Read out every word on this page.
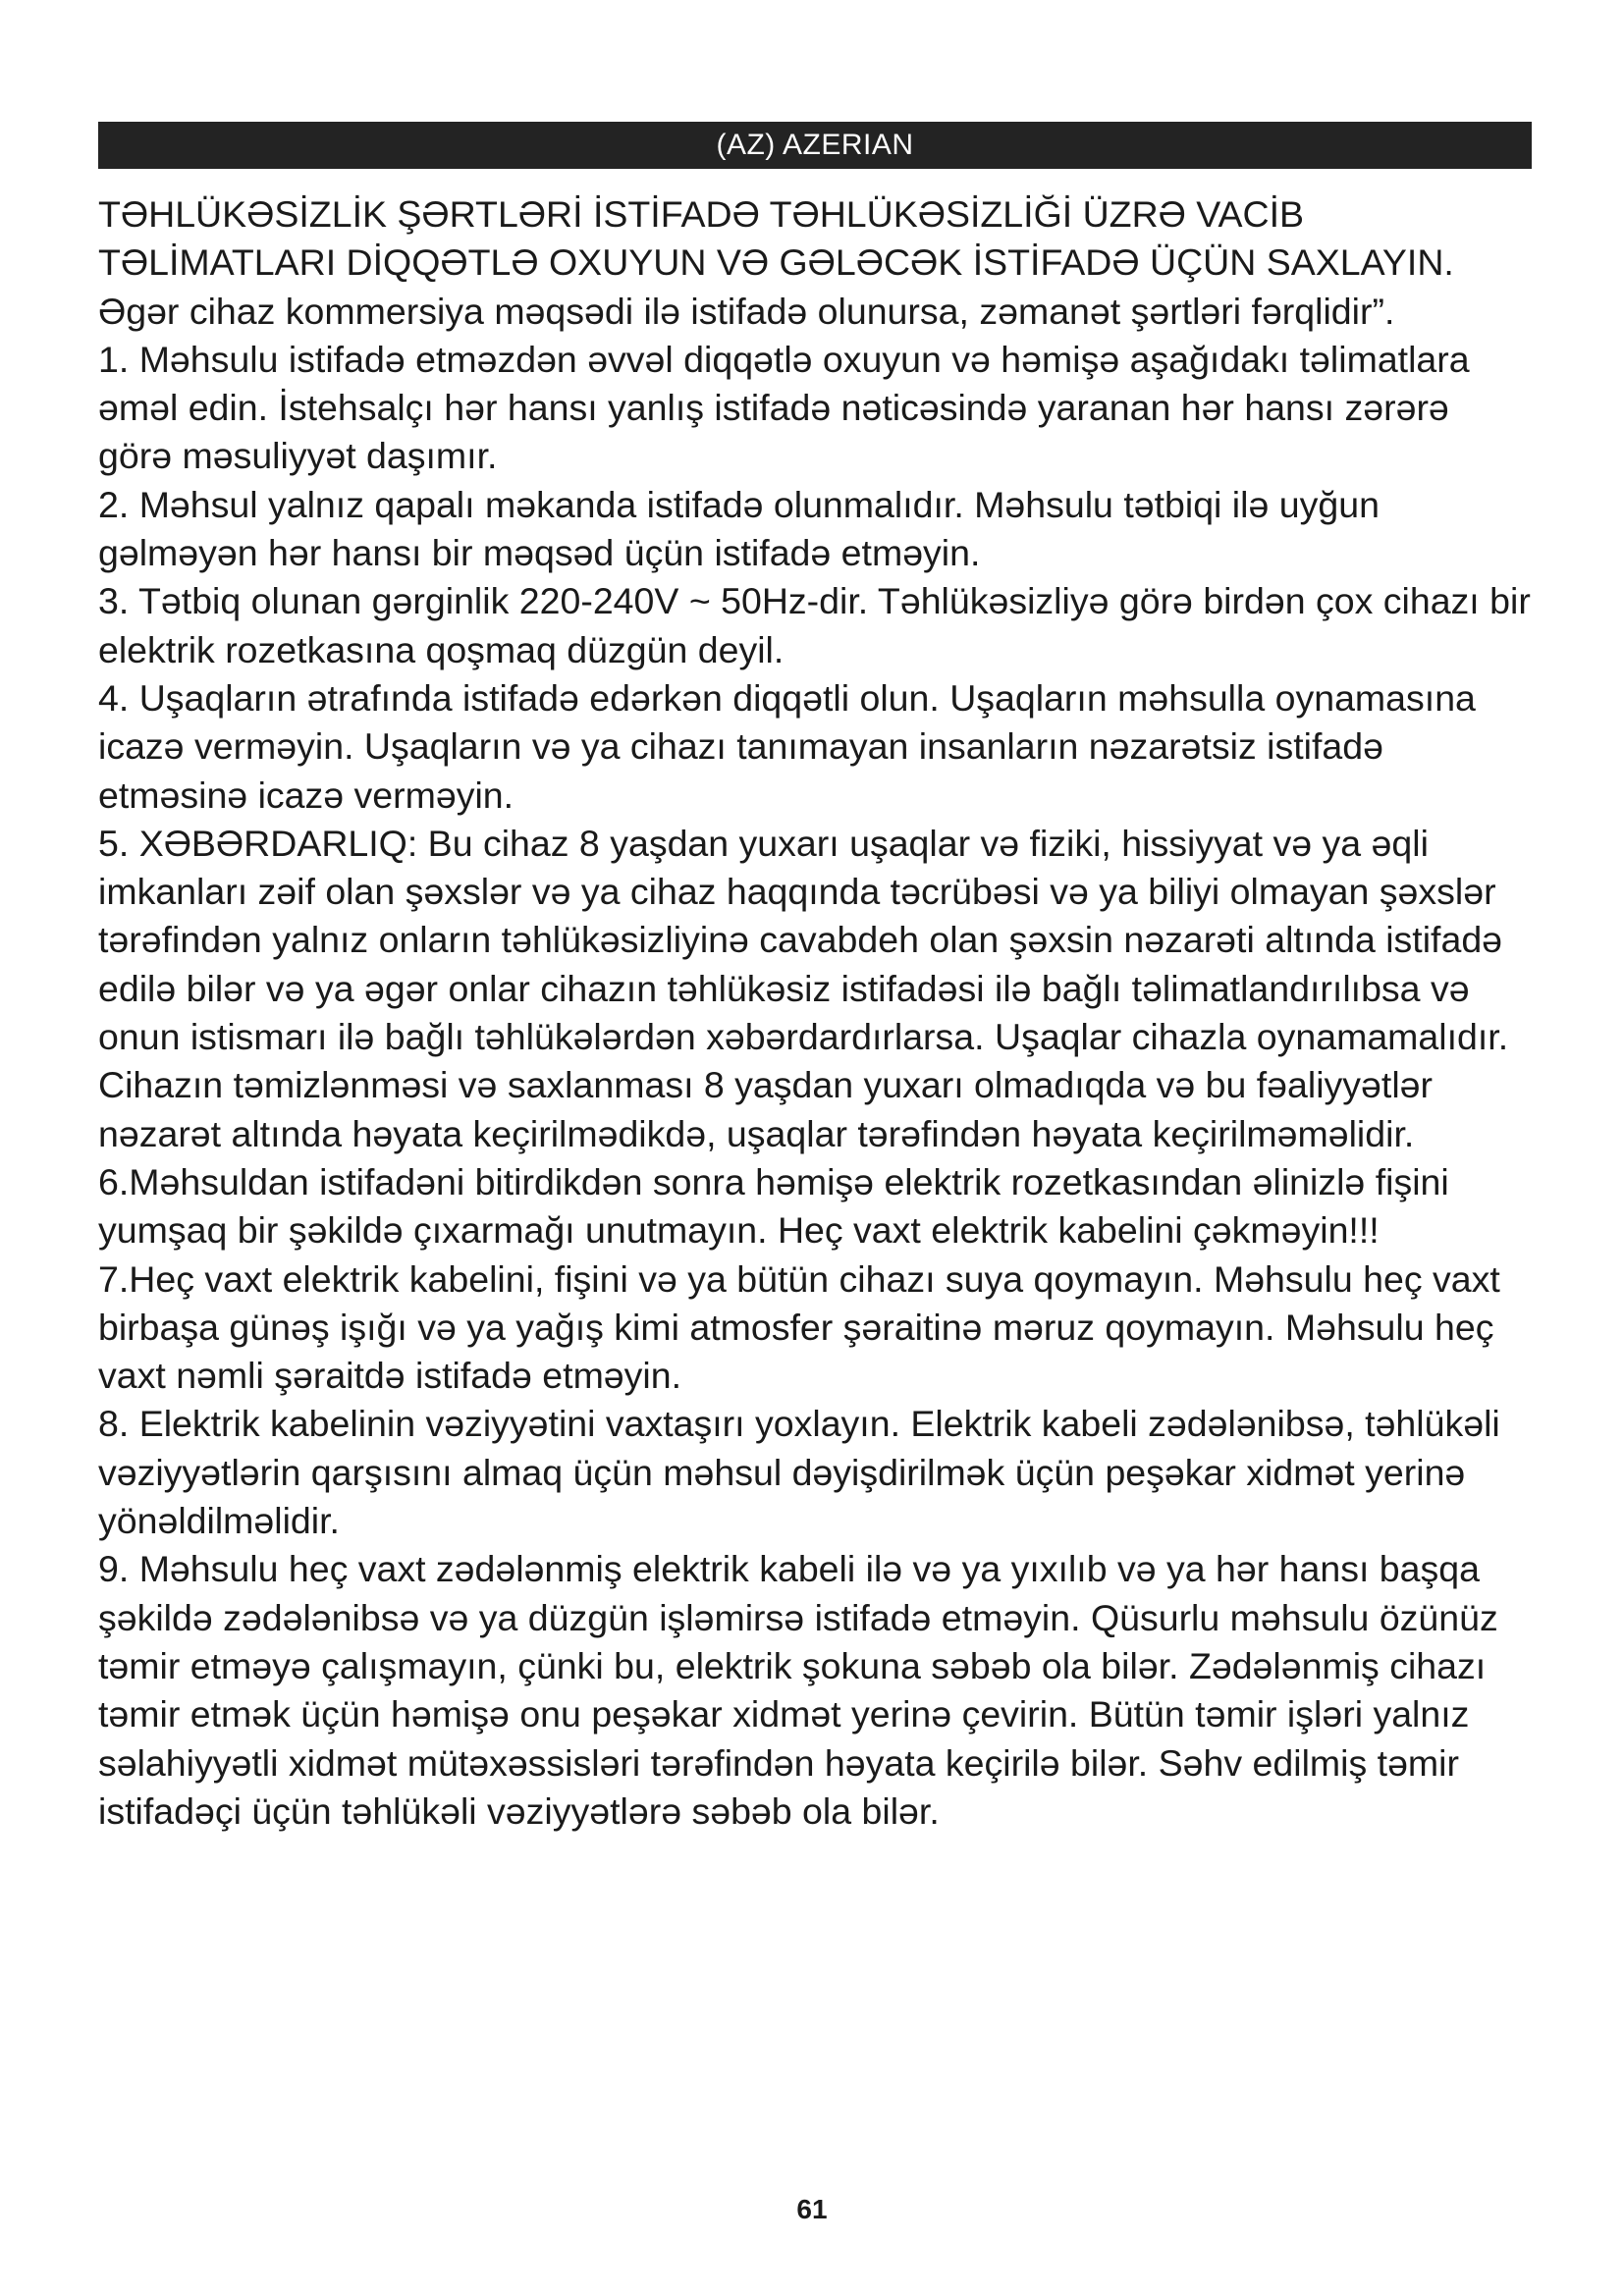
(AZ) AZERIAN

TƏHLÜKƏSİZLİK ŞƏRTLƏRİ İSTİFADƏ TƏHLÜKƏSİZLİĞİ ÜZRƏ VACİB TƏLİMATLARI DİQQƏTLƏ OXUYUN VƏ GƏLƏCƏK İSTİFADƏ ÜÇÜN SAXLAYIN.

Əgər cihaz kommersiya məqsədi ilə istifadə olunursa, zəmanət şərtləri fərqlidir”.

1. Məhsulu istifadə etməzdən əvvəl diqqətlə oxuyun və həmişə aşağıdakı təlimatlara əməl edin. İstehsalçı hər hansı yanlış istifadə nəticəsində yaranan hər hansı zərərə görə məsuliyyət daşımır.

2. Məhsul yalnız qapalı məkanda istifadə olunmalıdır. Məhsulu tətbiqi ilə uyğun gəlməyən hər hansı bir məqsəd üçün istifadə etməyin.

3. Tətbiq olunan gərginlik 220-240V ~ 50Hz-dir. Təhlükəsizliyə görə birdən çox cihazı bir elektrik rozetkasına qoşmaq düzgün deyil.

4. Uşaqların ətrafında istifadə edərkən diqqətli olun. Uşaqların məhsulla oynamasına icazə verməyin. Uşaqların və ya cihazı tanımayan insanların nəzarətsiz istifadə etməsinə icazə verməyin.

5. XƏBƏRDARLIQ: Bu cihaz 8 yaşdan yuxarı uşaqlar və fiziki, hissiyyat və ya əqli imkanları zəif olan şəxslər və ya cihaz haqqında təcrübəsi və ya biliyi olmayan şəxslər tərəfindən yalnız onların təhlükəsizliyinə cavabdeh olan şəxsin nəzarəti altında istifadə edilə bilər və ya əgər onlar cihazın təhlükəsiz istifadəsi ilə bağlı təlimatlandırılıbsa və onun istismarı ilə bağlı təhlükələrdən xəbərdardırlarsa. Uşaqlar cihazla oynamamalıdır. Cihazın təmizlənməsi və saxlanması 8 yaşdan yuxarı olmadıqda və bu fəaliyyətlər nəzarət altında həyata keçirilmədikdə, uşaqlar tərəfindən həyata keçirilməməlidir.

6.Məhsuldan istifadəni bitirdikdən sonra həmişə elektrik rozetkasından əlinizlə fişini yumşaq bir şəkildə çıxarmağı unutmayın. Heç vaxt elektrik kabelini çəkməyin!!!

7.Heç vaxt elektrik kabelini, fişini və ya bütün cihazı suya qoymayın. Məhsulu heç vaxt birbaşa günəş işığı və ya yağış kimi atmosfer şəraitinə məruz qoymayın. Məhsulu heç vaxt nəmli şəraitdə istifadə etməyin.

8. Elektrik kabelinin vəziyyətini vaxtaşırı yoxlayın. Elektrik kabeli zədələnibsə, təhlükəli vəziyyətlərin qarşısını almaq üçün məhsul dəyişdirilmək üçün peşəkar xidmət yerinə yönəldilməlidir.

9. Məhsulu heç vaxt zədələnmiş elektrik kabeli ilə və ya yıxılıb və ya hər hansı başqa şəkildə zədələnibsə və ya düzgün işləmirsə istifadə etməyin. Qüsurlu məhsulu özünüz təmir etməyə çalışmayın, çünki bu, elektrik şokuna səbəb ola bilər. Zədələnmiş cihazı təmir etmək üçün həmişə onu peşəkar xidmət yerinə çevirin. Bütün təmir işləri yalnız səlahiyyətli xidmət mütəxəssisləri tərəfindən həyata keçirilə bilər. Səhv edilmiş təmir istifadəçi üçün təhlükəli vəziyyətlərə səbəb ola bilər.

61
